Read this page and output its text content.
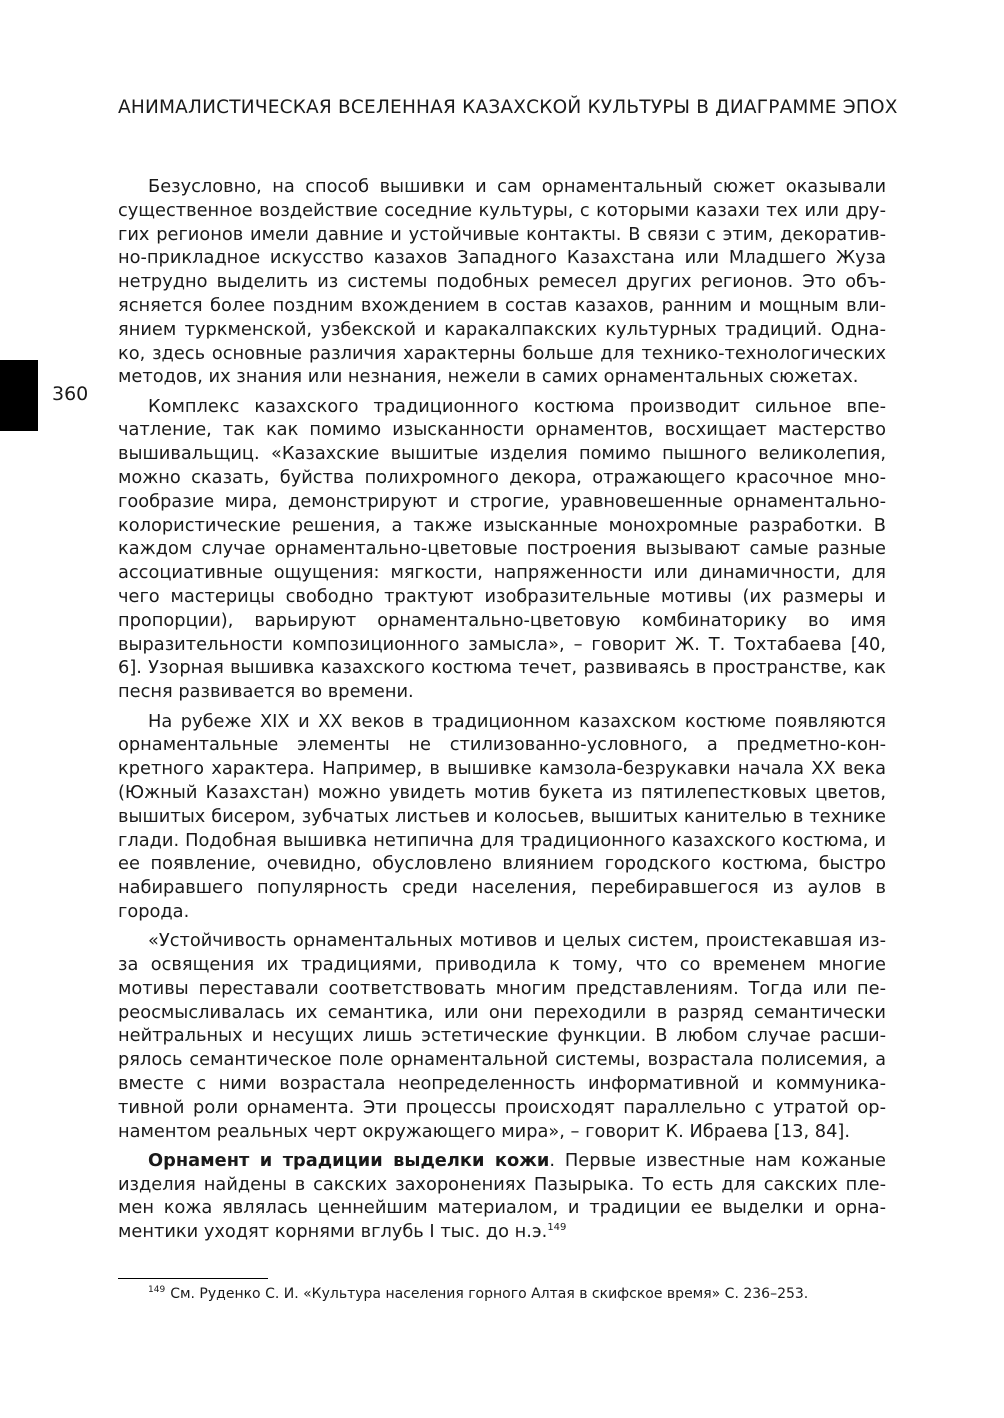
АНИМАЛИСТИЧЕСКАЯ ВСЕЛЕННАЯ КАЗАХСКОЙ КУЛЬТУРЫ В ДИАГРАММЕ ЭПОХ
360

Безусловно, на способ вышивки и сам орнаментальный сюжет оказывали существенное воздействие соседние культуры, с которыми казахи тех или других регионов имели давние и устойчивые контакты. В связи с этим, декоративно-прикладное искусство казахов Западного Казахстана или Младшего Жуза нетрудно выделить из системы подобных ремесел других регионов. Это объясняется более поздним вхождением в состав казахов, ранним и мощным влиянием туркменской, узбекской и каракалпакских культурных традиций. Однако, здесь основные различия характерны больше для технико-технологических методов, их знания или незнания, нежели в самих орнаментальных сюжетах.

Комплекс казахского традиционного костюма производит сильное впечатление, так как помимо изысканности орнаментов, восхищает мастерство вышивальщиц. «Казахские вышитые изделия помимо пышного великолепия, можно сказать, буйства полихромного декора, отражающего красочное многообразие мира, демонстрируют и строгие, уравновешенные орнаментально-колористические решения, а также изысканные монохромные разработки. В каждом случае орнаментально-цветовые построения вызывают самые разные ассоциативные ощущения: мягкости, напряженности или динамичности, для чего мастерицы свободно трактуют изобразительные мотивы (их размеры и пропорции), варьируют орнаментально-цветовую комбинаторику во имя выразительности композиционного замысла», – говорит Ж. Т. Тохтабаева [40, 6]. Узорная вышивка казахского костюма течет, развиваясь в пространстве, как песня развивается во времени.

На рубеже XIX и XX веков в традиционном казахском костюме появляются орнаментальные элементы не стилизованно-условного, а предметно-конкретного характера. Например, в вышивке камзола-безрукавки начала XX века (Южный Казахстан) можно увидеть мотив букета из пятилепестковых цветов, вышитых бисером, зубчатых листьев и колосьев, вышитых канителью в технике глади. Подобная вышивка нетипична для традиционного казахского костюма, и ее появление, очевидно, обусловлено влиянием городского костюма, быстро набиравшего популярность среди населения, перебиравшегося из аулов в города.

«Устойчивость орнаментальных мотивов и целых систем, проистекавшая из-за освящения их традициями, приводила к тому, что со временем многие мотивы переставали соответствовать многим представлениям. Тогда или переосмысливалась их семантика, или они переходили в разряд семантически нейтральных и несущих лишь эстетические функции. В любом случае расширялось семантическое поле орнаментальной системы, возрастала полисемия, а вместе с ними возрастала неопределенность информативной и коммуникативной роли орнамента. Эти процессы происходят параллельно с утратой орнаментом реальных черт окружающего мира», – говорит К. Ибраева [13, 84].

Орнамент и традиции выделки кожи. Первые известные нам кожаные изделия найдены в сакских захоронениях Пазырыка. То есть для сакских племен кожа являлась ценнейшим материалом, и традиции ее выделки и орнаментики уходят корнями вглубь I тыс. до н.э.$^{149}$

$^{149}$ См. Руденко С. И. «Культура населения горного Алтая в скифское время» С. 236–253.
